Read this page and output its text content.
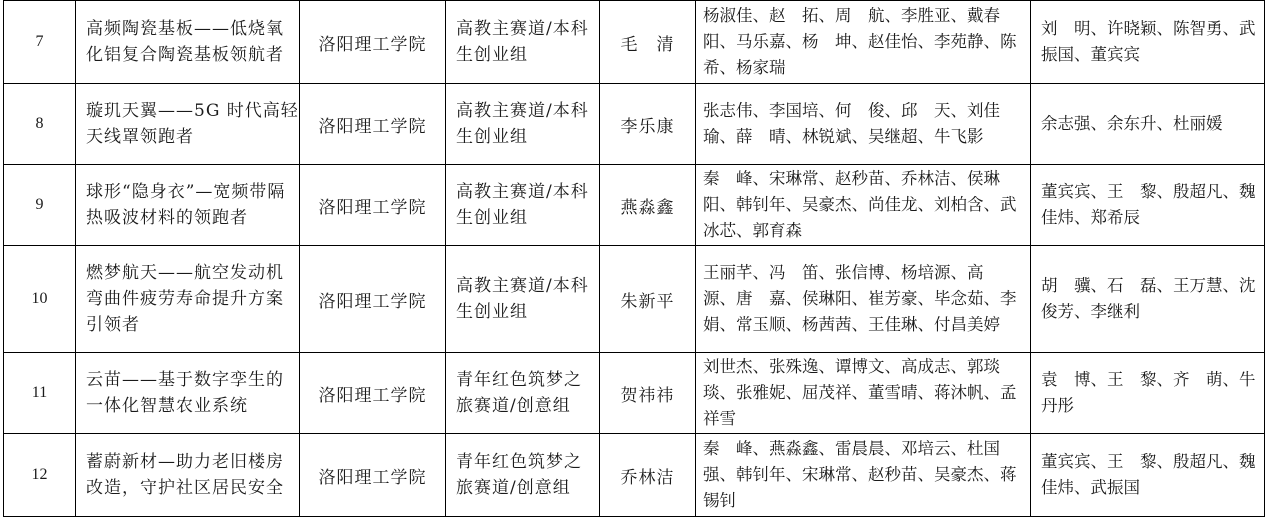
7	高频陶瓷基板——低烧氧化铝复合陶瓷基板领航者	洛阳理工学院	高教主赛道/本科生创业组	毛　清	杨淑佳、赵　拓、周　航、李胜亚、戴春阳、马乐嘉、杨　坤、赵佳怡、李苑静、陈　希、杨家瑞	刘　明、许晓颖、陈智勇、武振国、董宾宾
8	璇玑天翼——5G 时代高轻天线罩领跑者	洛阳理工学院	高教主赛道/本科生创业组	李乐康	张志伟、李国培、何　俊、邱　天、刘佳瑜、薛　晴、林锐斌、吴继超、牛飞影	余志强、余东升、杜丽媛
9	球形“隐身衣”—宽频带隔热吸波材料的领跑者	洛阳理工学院	高教主赛道/本科生创业组	燕淼鑫	秦　峰、宋琳常、赵秒苗、乔林洁、侯琳阳、韩钊年、吴豪杰、尚佳龙、刘柏含、武冰芯、郭育森	董宾宾、王　黎、殷超凡、魏佳炜、郑希辰
10	燃梦航天——航空发动机弯曲件疲劳寿命提升方案引领者	洛阳理工学院	高教主赛道/本科生创业组	朱新平	王丽芊、冯　笛、张信博、杨培源、高　源、唐　嘉、侯琳阳、崔芳豪、毕念茹、李　娟、常玉顺、杨茜茜、王佳琳、付昌美婷	胡　骥、石　磊、王万慧、沈俊芳、李继利
11	云苗——基于数字孪生的一体化智慧农业系统	洛阳理工学院	青年红色筑梦之旅赛道/创意组	贺祎祎	刘世杰、张殊逸、谭博文、高成志、郭琰琰、张雅妮、屈茂祥、董雪晴、蒋沐帆、孟祥雪	袁　博、王　黎、齐　萌、牛丹彤
12	蓄蔚新材—助力老旧楼房改造，守护社区居民安全	洛阳理工学院	青年红色筑梦之旅赛道/创意组	乔林洁	秦　峰、燕淼鑫、雷晨晨、邓培云、杜国强、韩钊年、宋琳常、赵秒苗、吴豪杰、蒋锡钊	董宾宾、王　黎、殷超凡、魏佳炜、武振国
